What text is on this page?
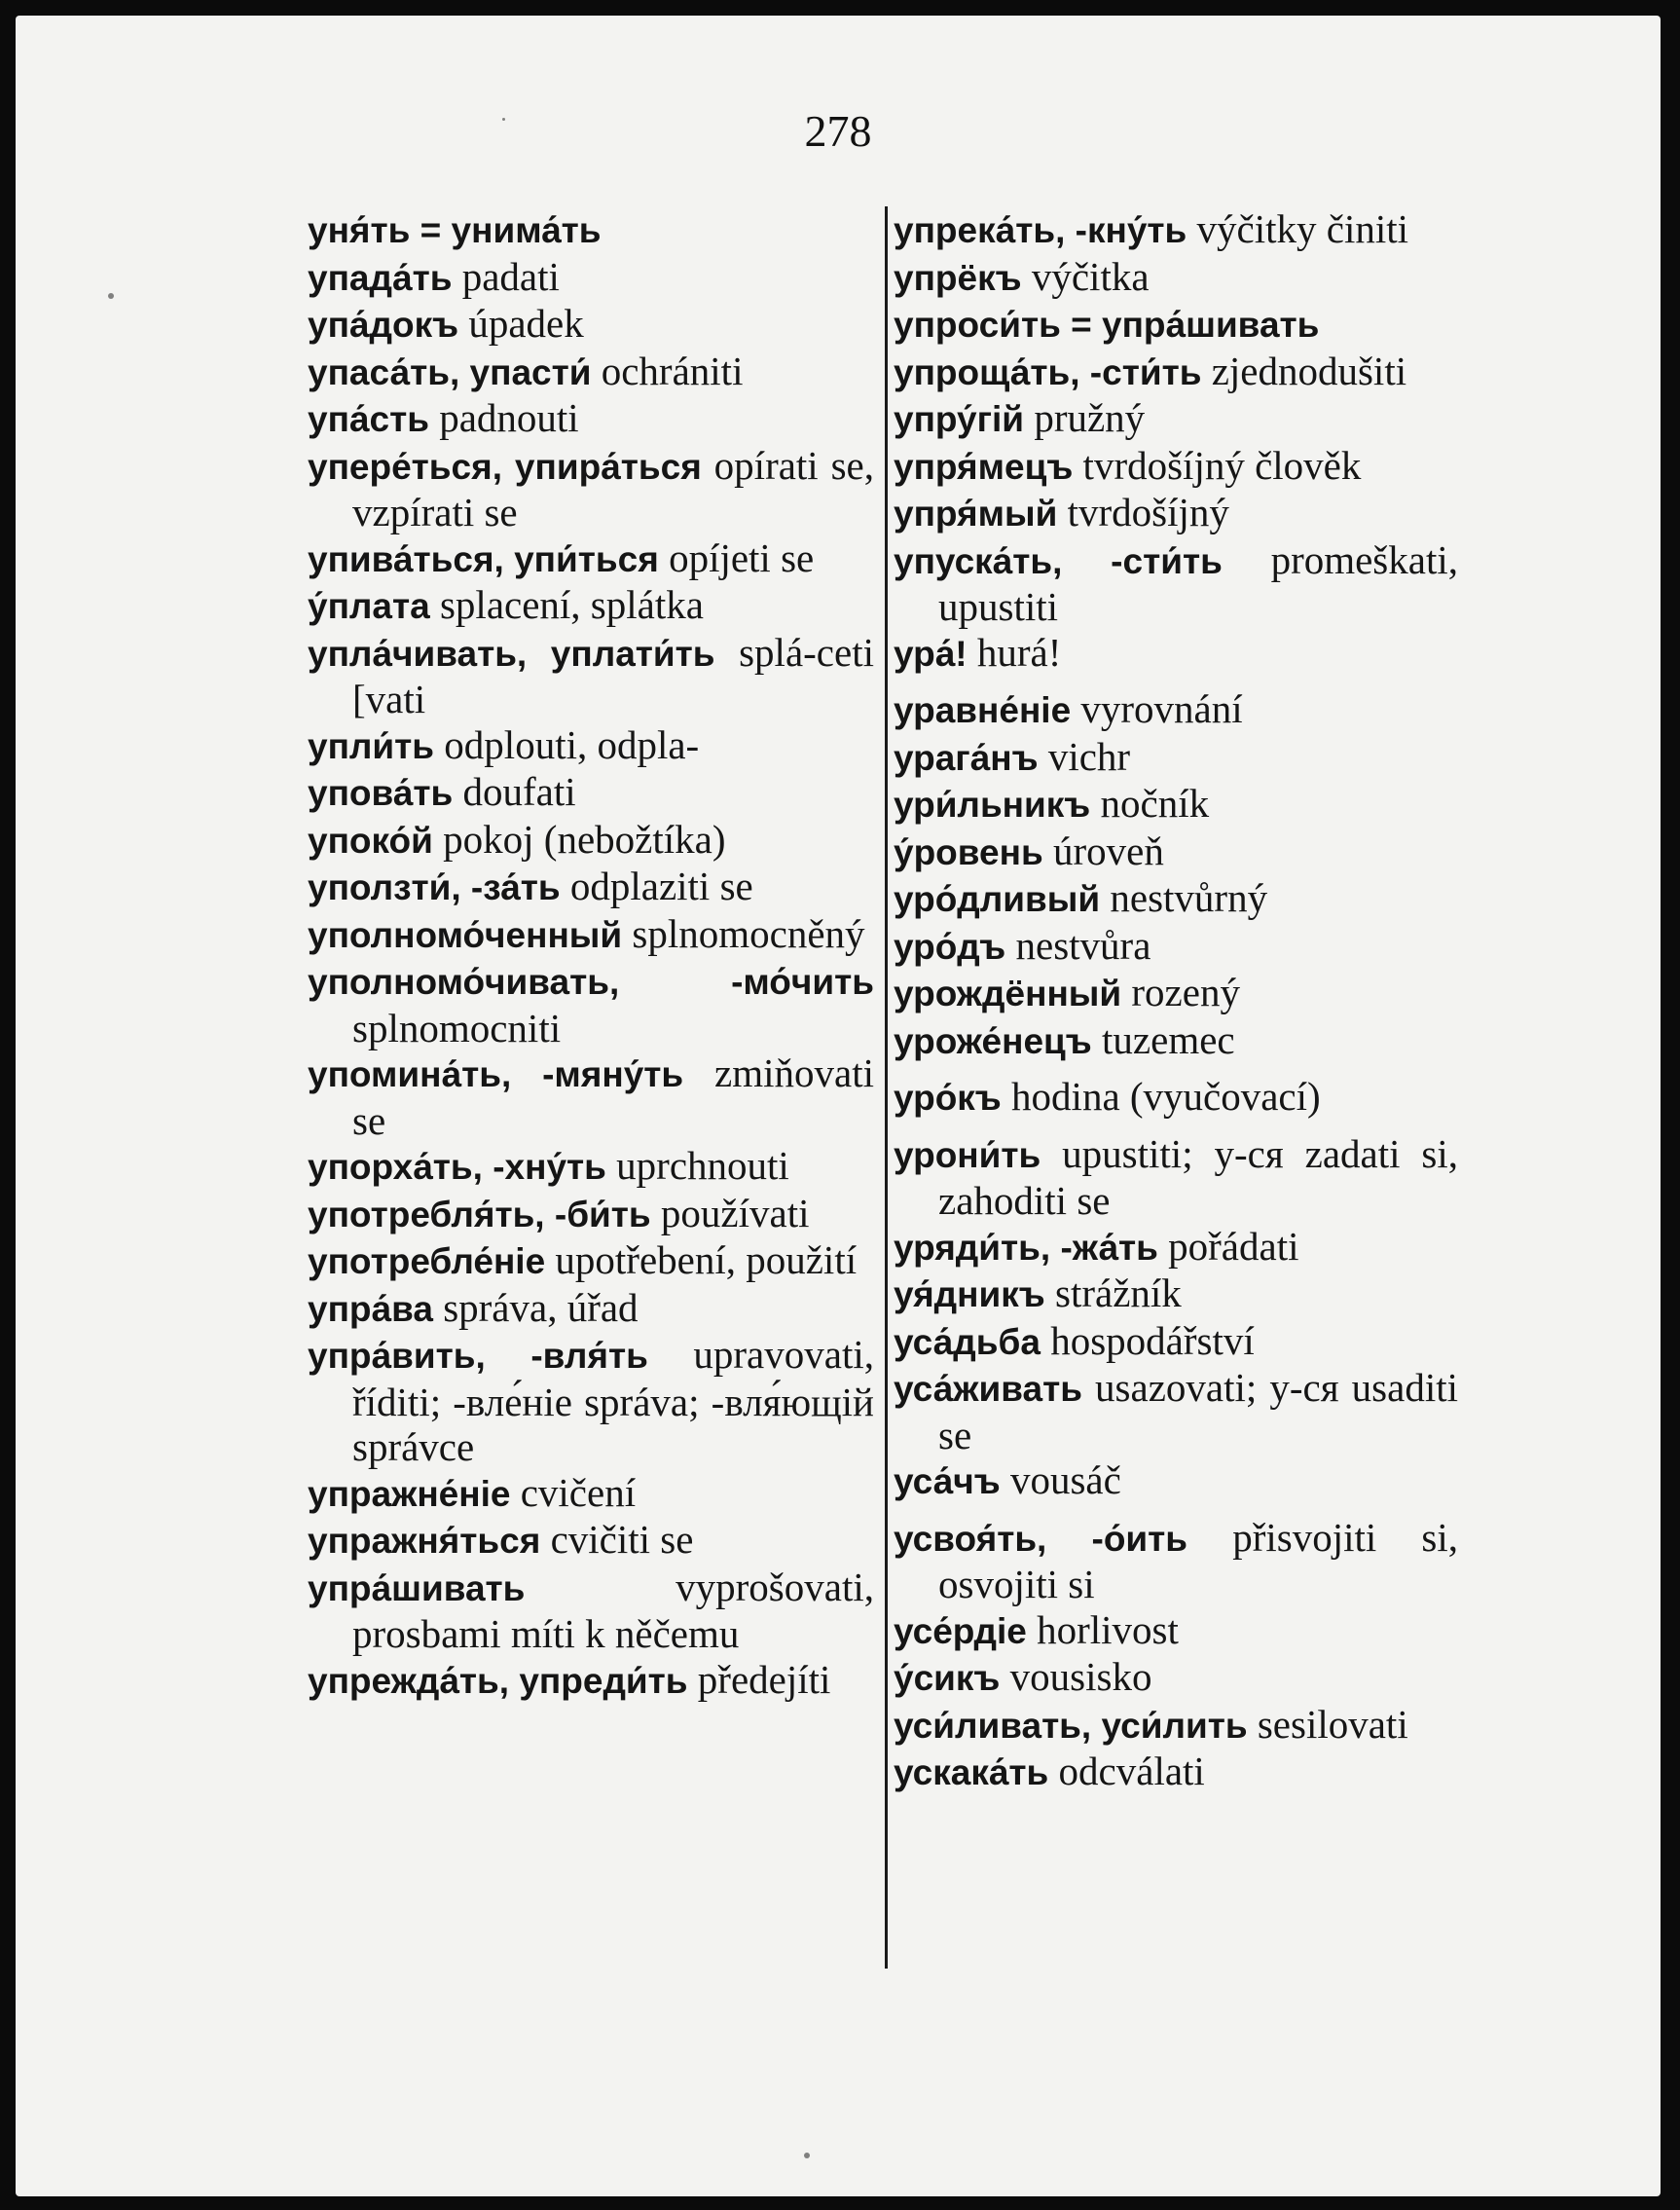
278
уня́ть = унима́ть
упада́ть padati
упа́докъ úpadek
упаса́ть, упасти́ ochrániti
упа́сть padnouti
упере́ться, упира́ться opírati se, vzpírati se
упива́ться, упи́ться opíjeti se
у́плата splacení, splátka
упла́чивать, уплати́ть splá-ceti [vati
упли́ть odplouti, odpla-
упова́ть doufati
упоко́й pokoj (nebožtíka)
уползти́, -за́ть odplaziti se
уполномо́ченный splnomocněný
уполномо́чивать, -мо́чить splnomocniti
упомина́ть, -мяну́ть zmiňovati se
упорха́ть, -хну́ть uprchnouti
употребля́ть, -би́ть používati
употребле́ніе upotřebení, použití
упра́ва správa, úřad
упра́вить, -вля́ть upravovati, říditi; -вле́ніе správa; -вля́ющій správce
упражне́ніе cvičení
упражня́ться cvičiti se
упра́шивать vyprošovati, prosbami míti k něčemu
упрежда́ть, упреди́ть předejíti
упрека́ть, -кну́ть výčitky činiti
упрёкъ výčitka
упроси́ть = упра́шивать
упроща́ть, -сти́ть zjednodušiti
упру́гій pružný
упря́мецъ tvrdošíjný člověk
упря́мый tvrdošíjný
упуска́ть, -сти́ть promeškati, upustiti
ура́! hurá!
уравне́ніе vyrovnání
урага́нъ vichr
ури́льникъ nočník
у́ровень úroveň
уро́дливый nestvůrný
уро́дъ nestvůra
урождённый rozený
уроже́нецъ tuzemec
уро́къ hodina (vyučovací)
урони́ть upustiti; у-ся zadati si, zahoditi se
уряди́ть, -жа́ть pořádati
уя́дникъ strážník
уса́дьба hospodářství
уса́живать usazovati; у-ся usaditi se
уса́чъ vousáč
усвоя́ть, -о́ить přisvojiti si, osvojiti si
усе́рдіе horlivost
у́сикъ vousisko
уси́ливать, уси́лить sesilovati
ускака́ть odcválati
